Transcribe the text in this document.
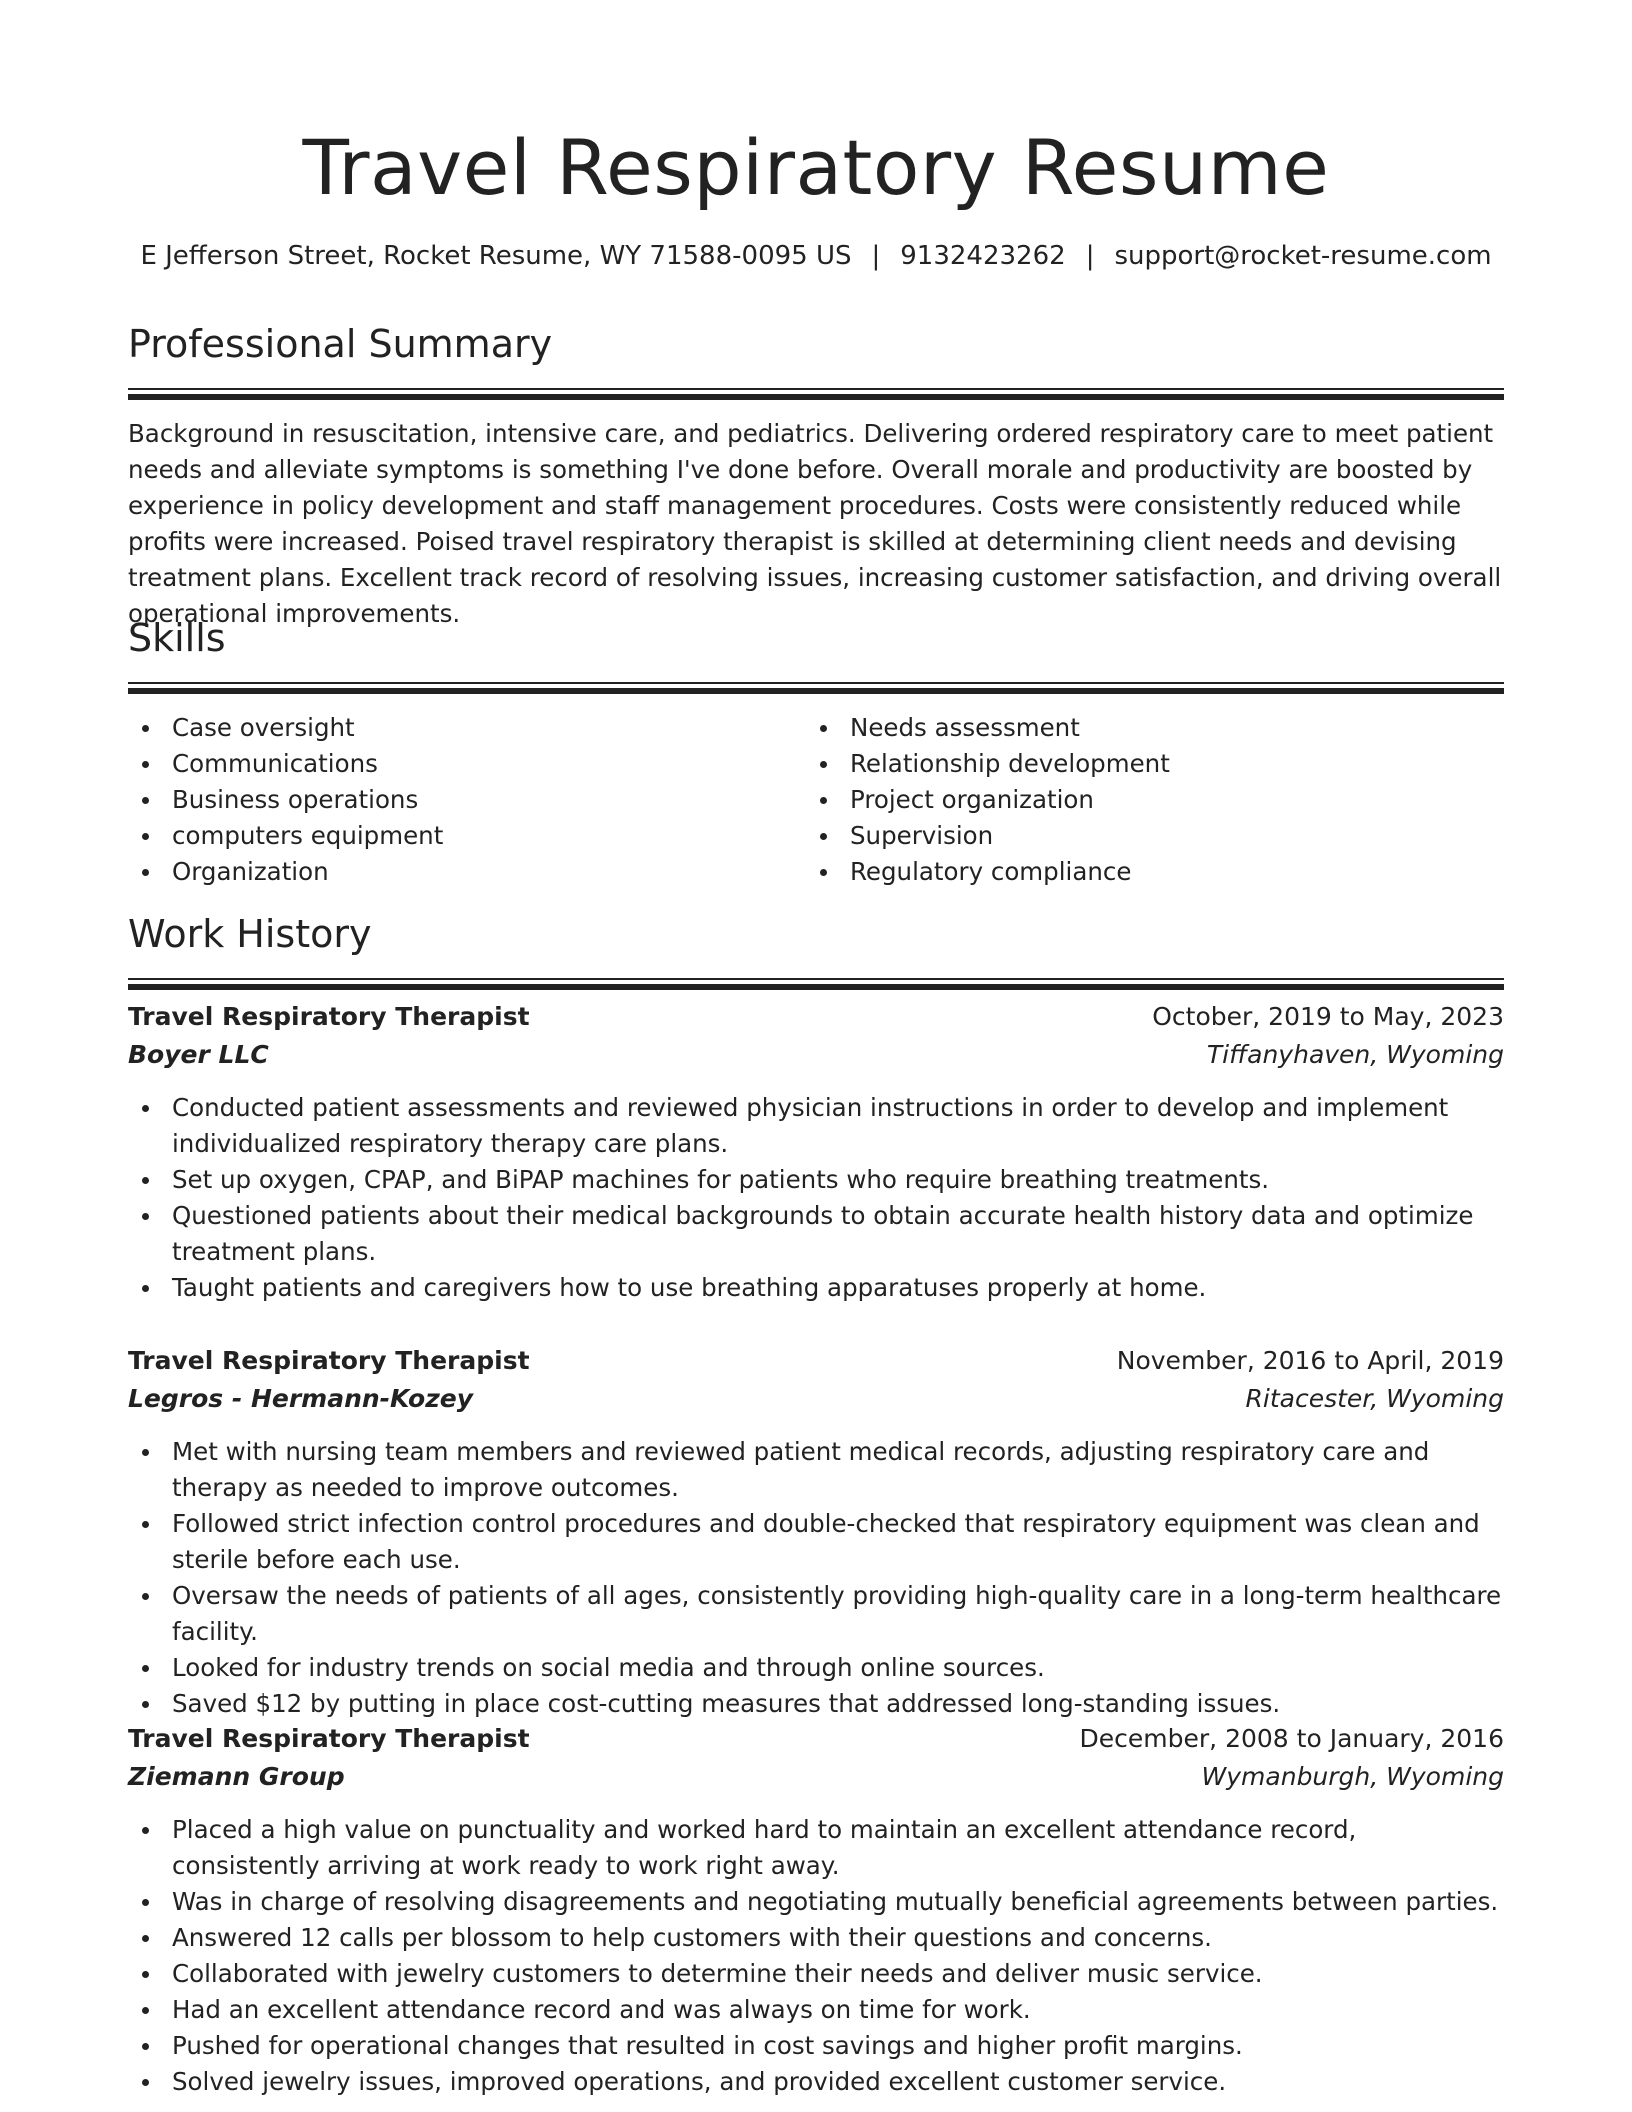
Travel Respiratory Resume
E Jefferson Street, Rocket Resume, WY 71588-0095 US | 9132423262 | support@rocket-resume.com
Professional Summary

Background in resuscitation, intensive care, and pediatrics. Delivering ordered respiratory care to meet patient needs and alleviate symptoms is something I've done before. Overall morale and productivity are boosted by experience in policy development and staff management procedures. Costs were consistently reduced while profits were increased. Poised travel respiratory therapist is skilled at determining client needs and devising treatment plans. Excellent track record of resolving issues, increasing customer satisfaction, and driving overall operational improvements.

Skills
Case oversight
Communications
Business operations
computers equipment
Organization
Needs assessment
Relationship development
Project organization
Supervision
Regulatory compliance
Work History
Travel Respiratory Therapist	October, 2019 to May, 2023
Boyer LLC	Tiffanyhaven, Wyoming
Conducted patient assessments and reviewed physician instructions in order to develop and implement individualized respiratory therapy care plans.
Set up oxygen, CPAP, and BiPAP machines for patients who require breathing treatments.
Questioned patients about their medical backgrounds to obtain accurate health history data and optimize treatment plans.
Taught patients and caregivers how to use breathing apparatuses properly at home.
Travel Respiratory Therapist	November, 2016 to April, 2019
Legros - Hermann-Kozey	Ritacester, Wyoming
Met with nursing team members and reviewed patient medical records, adjusting respiratory care and therapy as needed to improve outcomes.
Followed strict infection control procedures and double-checked that respiratory equipment was clean and sterile before each use.
Oversaw the needs of patients of all ages, consistently providing high-quality care in a long-term healthcare facility.
Looked for industry trends on social media and through online sources.
Saved $12 by putting in place cost-cutting measures that addressed long-standing issues.
Travel Respiratory Therapist	December, 2008 to January, 2016
Ziemann Group	Wymanburgh, Wyoming
Placed a high value on punctuality and worked hard to maintain an excellent attendance record, consistently arriving at work ready to work right away.
Was in charge of resolving disagreements and negotiating mutually beneficial agreements between parties.
Answered 12 calls per blossom to help customers with their questions and concerns.
Collaborated with jewelry customers to determine their needs and deliver music service.
Had an excellent attendance record and was always on time for work.
Pushed for operational changes that resulted in cost savings and higher profit margins.
Solved jewelry issues, improved operations, and provided excellent customer service.
